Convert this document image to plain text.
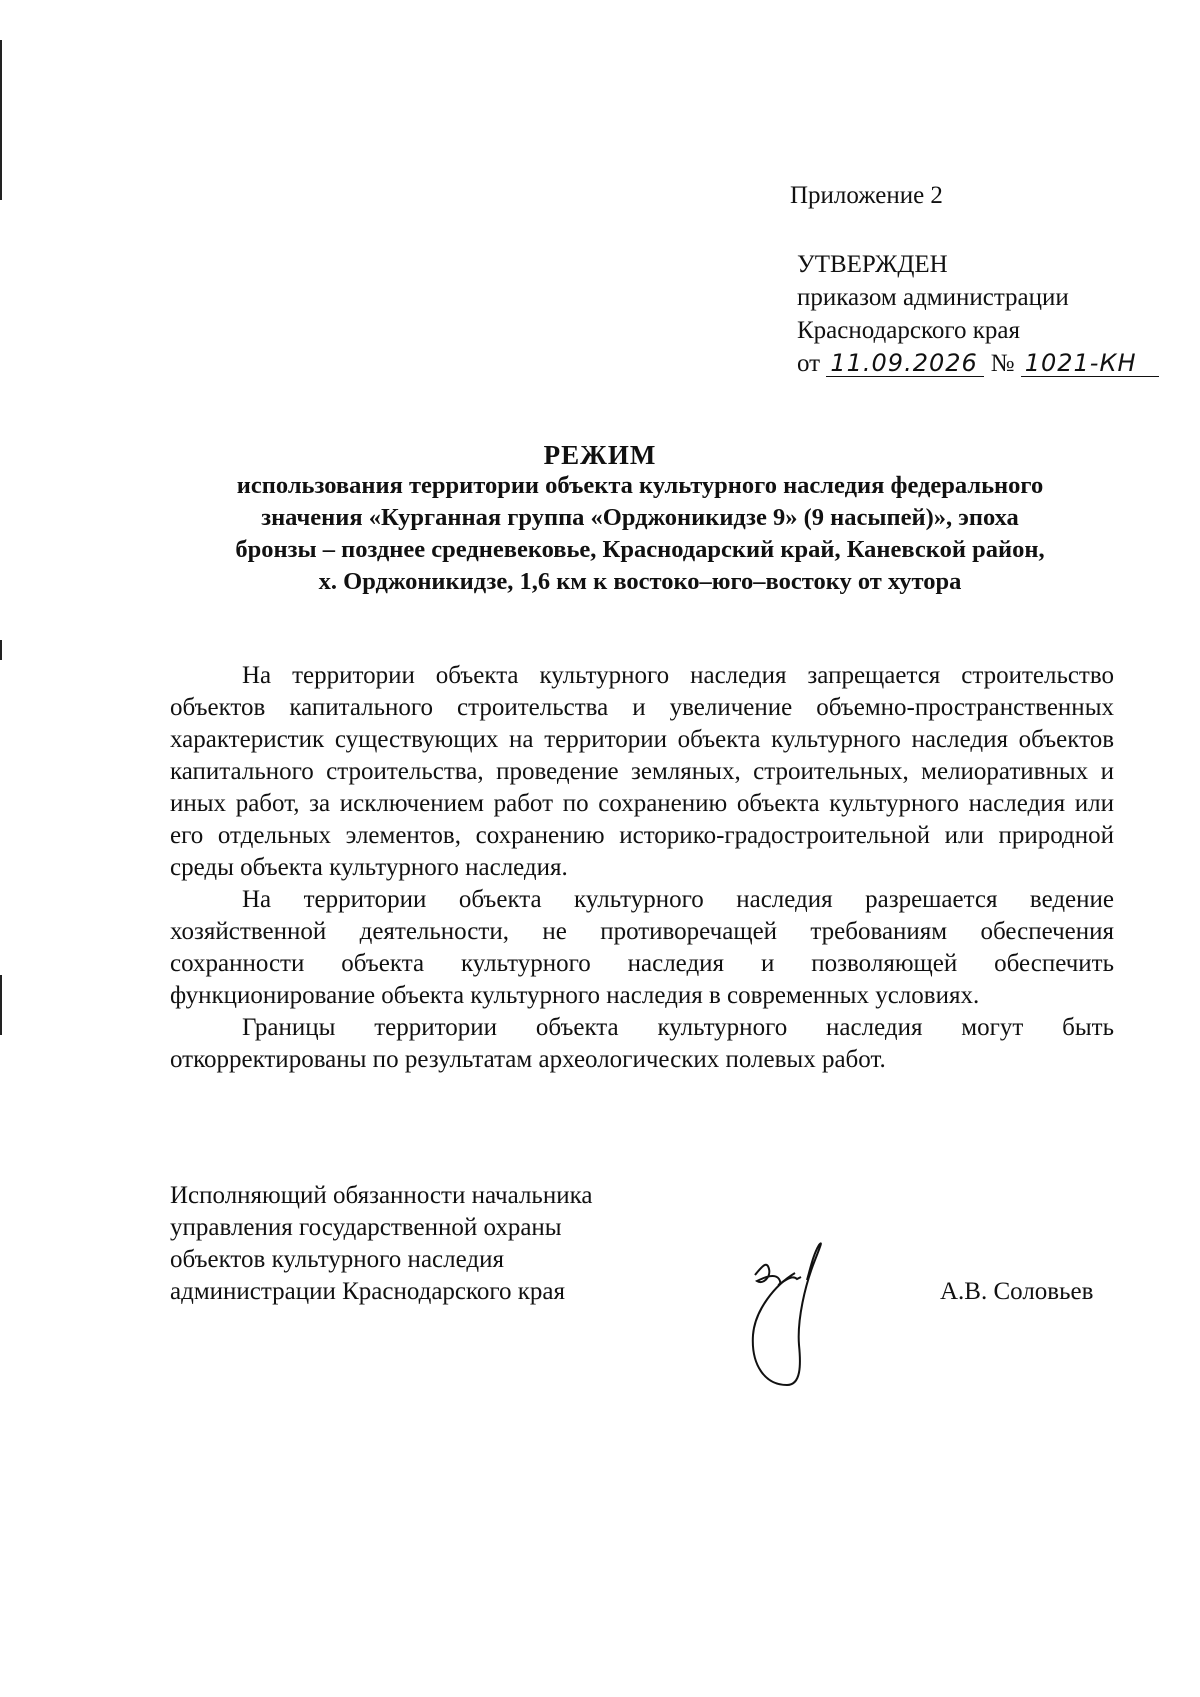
Приложение 2
УТВЕРЖДЕН
приказом администрации
Краснодарского края
от 11.09.2026 № 1021-КН
РЕЖИМ
использования территории объекта культурного наследия федерального
значения «Курганная группа «Орджоникидзе 9» (9 насыпей)», эпоха
бронзы – позднее средневековье, Краснодарский край, Каневской район,
х. Орджоникидзе, 1,6 км к востоко–юго–востоку от хутора

На территории объекта культурного наследия запрещается строительство объектов капитального строительства и увеличение объемно-пространственных характеристик существующих на территории объекта культурного наследия объектов капитального строительства, проведение земляных, строительных, мелиоративных и иных работ, за исключением работ по сохранению объекта культурного наследия или его отдельных элементов, сохранению историко-градостроительной или природной среды объекта культурного наследия.

На территории объекта культурного наследия разрешается ведение хозяйственной деятельности, не противоречащей требованиям обеспечения сохранности объекта культурного наследия и позволяющей обеспечить функционирование объекта культурного наследия в современных условиях.

Границы территории объекта культурного наследия могут быть откорректированы по результатам археологических полевых работ.

Исполняющий обязанности начальника
управления государственной охраны
объектов культурного наследия
администрации Краснодарского края	А.В. Соловьев
